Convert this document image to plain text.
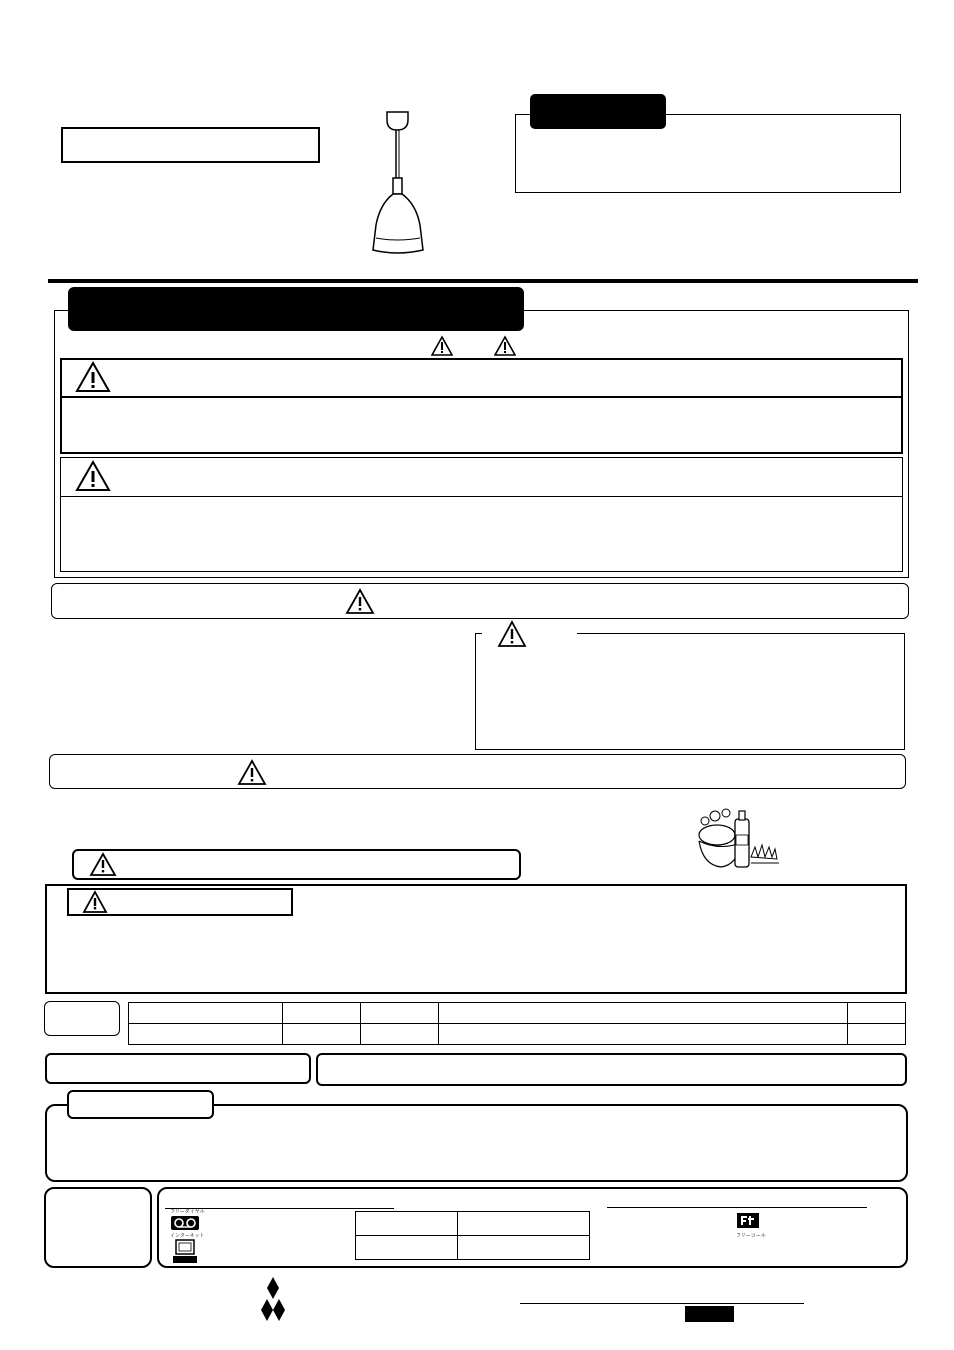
フリーダイヤル
インターネット

		フリーコール
